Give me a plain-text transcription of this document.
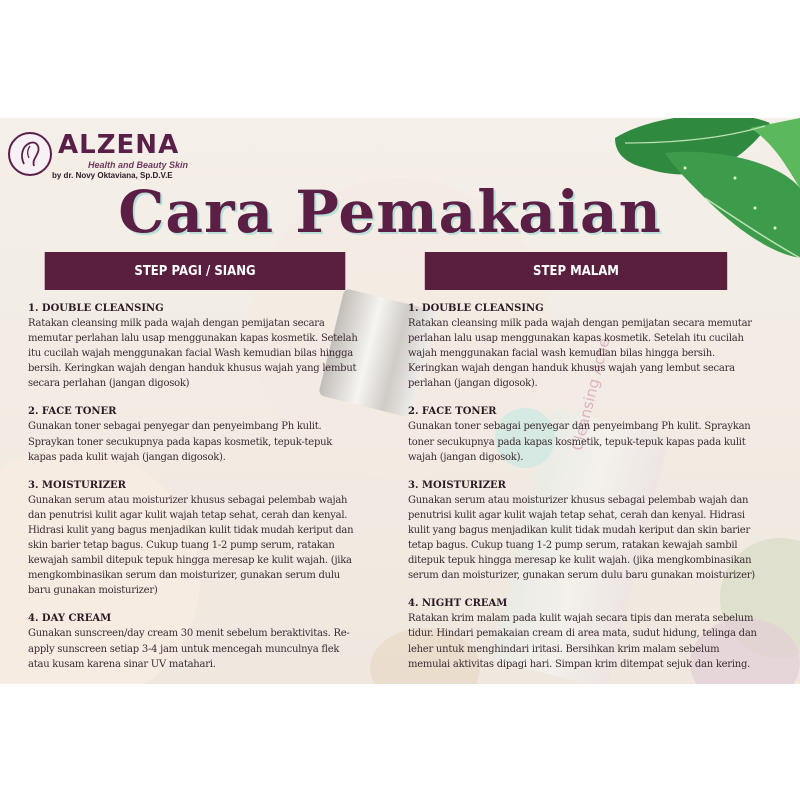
Cleansing Acne
ALZENA
Health and Beauty Skin
by dr. Novy Oktaviana, Sp.D.V.E
Cara Pemakaian
STEP PAGI / SIANG
1. DOUBLE CLEANSING
Ratakan cleansing milk pada wajah dengan pemijatan secara memutar perlahan lalu usap menggunakan kapas kosmetik. Setelah itu cucilah wajah menggunakan facial Wash kemudian bilas hingga bersih. Keringkan wajah dengan handuk khusus wajah yang lembut secara perlahan (jangan digosok)
2. FACE TONER
Gunakan toner sebagai penyegar dan penyeimbang Ph kulit. Spraykan toner secukupnya pada kapas kosmetik, tepuk-tepuk kapas pada kulit wajah (jangan digosok).
3. MOISTURIZER
Gunakan serum atau moisturizer khusus sebagai pelembab wajah dan penutrisi kulit agar kulit wajah tetap sehat, cerah dan kenyal. Hidrasi kulit yang bagus menjadikan kulit tidak mudah keriput dan skin barier tetap bagus. Cukup tuang 1-2 pump serum, ratakan kewajah sambil ditepuk tepuk hingga meresap ke kulit wajah. (jika mengkombinasikan serum dan moisturizer, gunakan serum dulu baru gunakan moisturizer)
4. DAY CREAM
Gunakan sunscreen/day cream 30 menit sebelum beraktivitas. Re-apply sunscreen setiap 3-4 jam untuk mencegah munculnya flek atau kusam karena sinar UV matahari.
STEP MALAM
1. DOUBLE CLEANSING
Ratakan cleansing milk pada wajah dengan pemijatan secara memutar perlahan lalu usap menggunakan kapas kosmetik. Setelah itu cucilah wajah menggunakan facial wash kemudian bilas hingga bersih. Keringkan wajah dengan handuk khusus wajah yang lembut secara perlahan (jangan digosok).
2. FACE TONER
Gunakan toner sebagai penyegar dan penyeimbang Ph kulit. Spraykan toner secukupnya pada kapas kosmetik, tepuk-tepuk kapas pada kulit wajah (jangan digosok).
3. MOISTURIZER
Gunakan serum atau moisturizer khusus sebagai pelembab wajah dan penutrisi kulit agar kulit wajah tetap sehat, cerah dan kenyal. Hidrasi kulit yang bagus menjadikan kulit tidak mudah keriput dan skin barier tetap bagus. Cukup tuang 1-2 pump serum, ratakan kewajah sambil ditepuk tepuk hingga meresap ke kulit wajah. (jika mengkombinasikan serum dan moisturizer, gunakan serum dulu baru gunakan moisturizer)
4. NIGHT CREAM
Ratakan krim malam pada kulit wajah secara tipis dan merata sebelum tidur. Hindari pemakaian cream di area mata, sudut hidung, telinga dan leher untuk menghindari iritasi. Bersihkan krim malam sebelum memulai aktivitas dipagi hari. Simpan krim ditempat sejuk dan kering.
